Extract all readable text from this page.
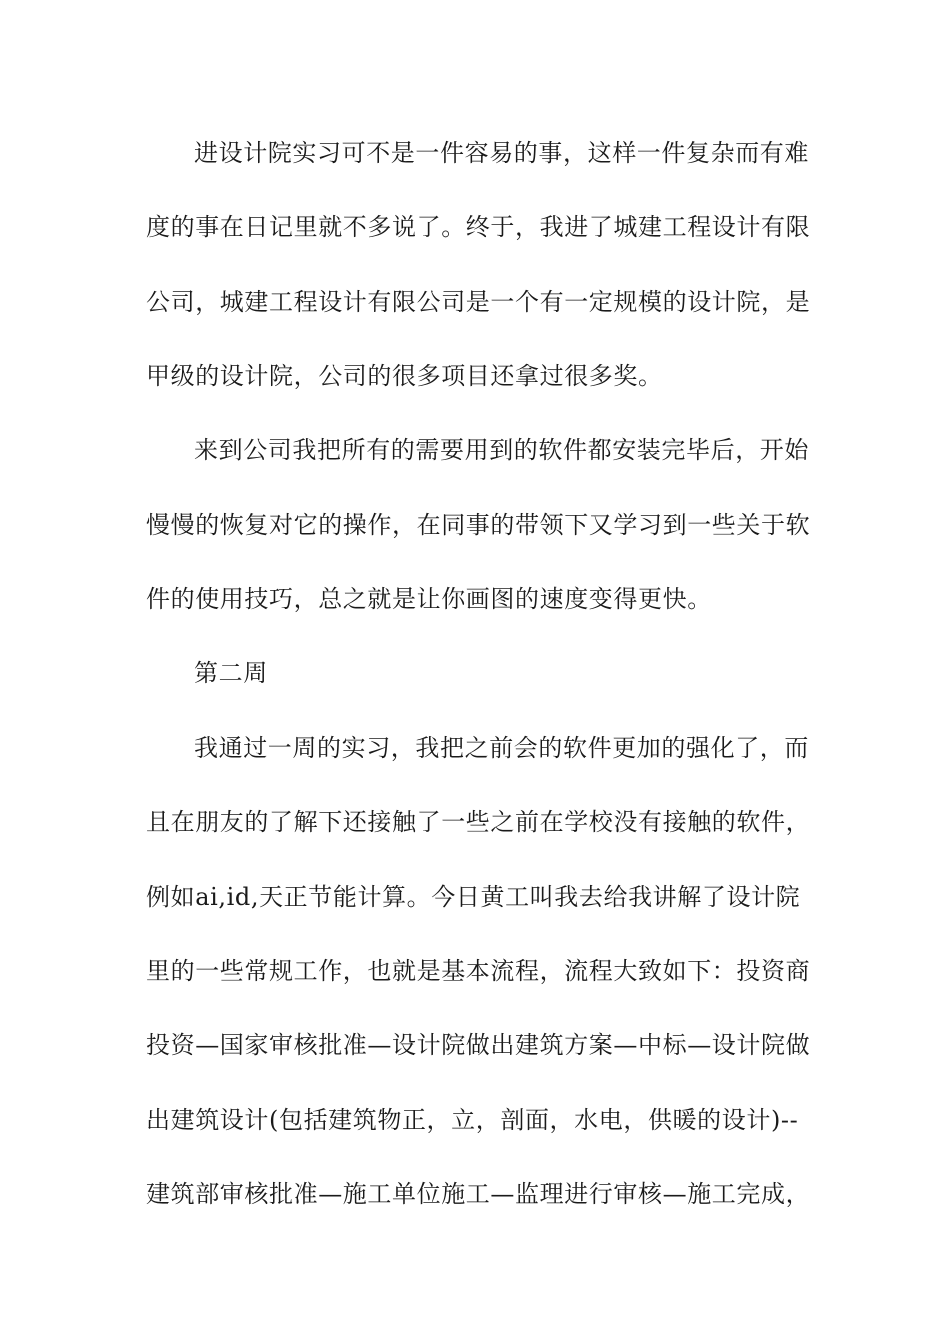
进设计院实习可不是一件容易的事，这样一件复杂而有难
度的事在日记里就不多说了。终于，我进了城建工程设计有限
公司，城建工程设计有限公司是一个有一定规模的设计院，是
甲级的设计院，公司的很多项目还拿过很多奖。
来到公司我把所有的需要用到的软件都安装完毕后，开始
慢慢的恢复对它的操作，在同事的带领下又学习到一些关于软
件的使用技巧，总之就是让你画图的速度变得更快。
第二周
我通过一周的实习，我把之前会的软件更加的强化了，而
且在朋友的了解下还接触了一些之前在学校没有接触的软件，
例如ai,id,天正节能计算。今日黄工叫我去给我讲解了设计院
里的一些常规工作，也就是基本流程，流程大致如下：投资商
投资—国家审核批准—设计院做出建筑方案—中标—设计院做
出建筑设计(包括建筑物正，立，剖面，水电，供暖的设计)--
建筑部审核批准—施工单位施工—监理进行审核—施工完成，
